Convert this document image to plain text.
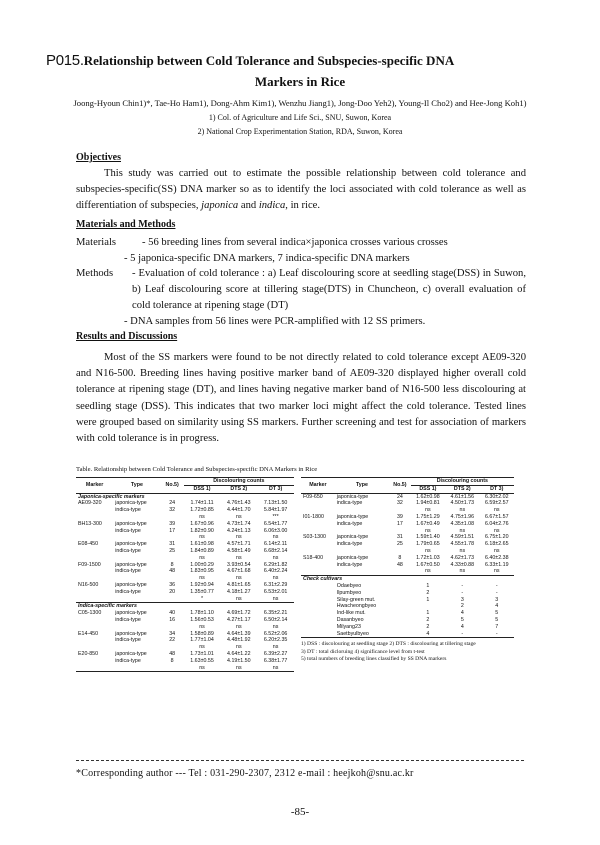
P015.Relationship between Cold Tolerance and Subspecies-specific DNA
Markers in Rice
Joong-Hyoun Chin1)*, Tae-Ho Ham1), Dong-Ahm Kim1), Wenzhu Jiang1), Jong-Doo Yeh2), Young-Il Cho2) and Hee-Jong Koh1)
1) Col. of Agriculture and Life Sci., SNU, Suwon, Korea
2) National Crop Experimentation Station, RDA, Suwon, Korea
Objectives
This study was carried out to estimate the possible relationship between cold tolerance and subspecies-specific(SS) DNA marker so as to identify the loci associated with cold tolerance as well as differentiation of subspecies, japonica and indica, in rice.
Materials and Methods
Materials - 56 breeding lines from several indica×japonica crosses various crosses
- 5 japonica-specific DNA markers, 7 indica-specific DNA markers
Methods - Evaluation of cold tolerance : a) Leaf discolouring score at seedling stage(DSS) in Suwon, b) Leaf discolouring score at tillering stage(DTS) in Chuncheon, c) overall evaluation of cold tolerance at ripening stage (DT)
- DNA samples from 56 lines were PCR-amplified with 12 SS primers.
Results and Discussions
Most of the SS markers were found to be not directly related to cold tolerance except AE09-320 and N16-500. Breeding lines having positive marker band of AE09-320 displayed higher overall cold tolerance at ripening stage (DT), and lines having negative marker band of N16-500 less discolouring at seedling stage (DSS). This indicates that two marker loci might affect the cold tolerance. Tested lines were grouped based on similarity using SS markers. Further screening and test for association of markers with cold tolerance is in progress.
Table. Relationship between Cold Tolerance and Subspecies-specific DNA Markers in Rice
Marker	Type	No.5)	Discolouring counts		
			DSS 1)	DTS 2)	DT 3)
Japonica-specific markers					
AE09-320	japonica-type	24	1.74±1.11	4.76±1.43	7.13±1.50
	indica-type	32	1.72±0.85	4.44±1.70	5.84±1.97
			ns	ns	***
BH13-300	japonica-type	39	1.67±0.96	4.73±1.74	6.54±1.77
	indica-type	17	1.82±0.90	4.24±1.13	6.06±3.00
			ns	ns	ns
E08-450	japonica-type	31	1.61±0.98	4.57±1.71	6.14±2.11
	indica-type	25	1.84±0.89	4.58±1.49	6.68±2.14
			ns	ns	ns
F09-1500	japonica-type	8	1.00±0.29	3.93±0.54	6.29±1.82
	indica-type	48	1.83±0.95	4.67±1.68	6.40±2.24
			ns	ns	ns
N16-500	japonica-type	36	1.92±0.94	4.81±1.65	6.31±2.29
	indica-type	20	1.35±0.77	4.18±1.27	6.53±2.01
			*	ns	ns
Indica-specific markers					
C05-1300	japonica-type	40	1.78±1.10	4.69±1.72	6.35±2.21
	indica-type	16	1.56±0.53	4.27±1.17	6.50±2.14
			ns	ns	ns
E14-450	japonica-type	34	1.58±0.89	4.64±1.39	6.52±2.06
	indica-type	22	1.77±1.04	4.48±1.92	6.20±2.35
			ns	ns	ns
E20-850	japonica-type	48	1.73±1.01	4.64±1.22	6.39±2.27
	indica-type	8	1.63±0.55	4.19±1.50	6.38±1.77
			ns	ns	ns
Marker	Type	No.5)	Discolouring counts		
			DSS 1)	DTS 2)	DT 3)
F09-650	japonica-type	24	1.62±0.98	4.61±1.56	6.30±2.02
	indica-type	32	1.94±0.81	4.50±1.73	6.59±2.57
			ns	ns	ns
I01-1800	japonica-type	39	1.75±1.29	4.75±1.96	6.67±1.57
	indica-type	17	1.67±0.49	4.35±1.08	6.04±2.76
			ns	ns	ns
S03-1300	japonica-type	31	1.59±1.40	4.59±1.51	6.75±1.20
	indica-type	25	1.79±0.65	4.55±1.78	6.18±2.65
			ns	ns	ns
S18-400	japonica-type	8	1.72±1.03	4.62±1.73	6.40±2.38
	indica-type	48	1.67±0.50	4.33±0.88	6.33±1.19
			ns	ns	ns
Check cultivars					
	Odaebyeo		1	-	-
	Ilpumbyeo		2	-	-
	Silay-green mut.		1	3	3
	Hwacheongbyeo			2	4
	Ind-like mut.		1	4	5
	Dasanbyeo		2	5	5
	Milyang23		2	4	7
	Saetbyulbyeo		4	-	-
1) DSS : discolouring at seedling stage 2) DTS : discolouring at tillering stage
3) DT : total dicloruing 4) significance level from t-test
5) total numbers of breeding lines classified by SS DNA markers
*Corresponding author --- Tel : 031-290-2307, 2312 e-mail : heejkoh@snu.ac.kr
-85-
